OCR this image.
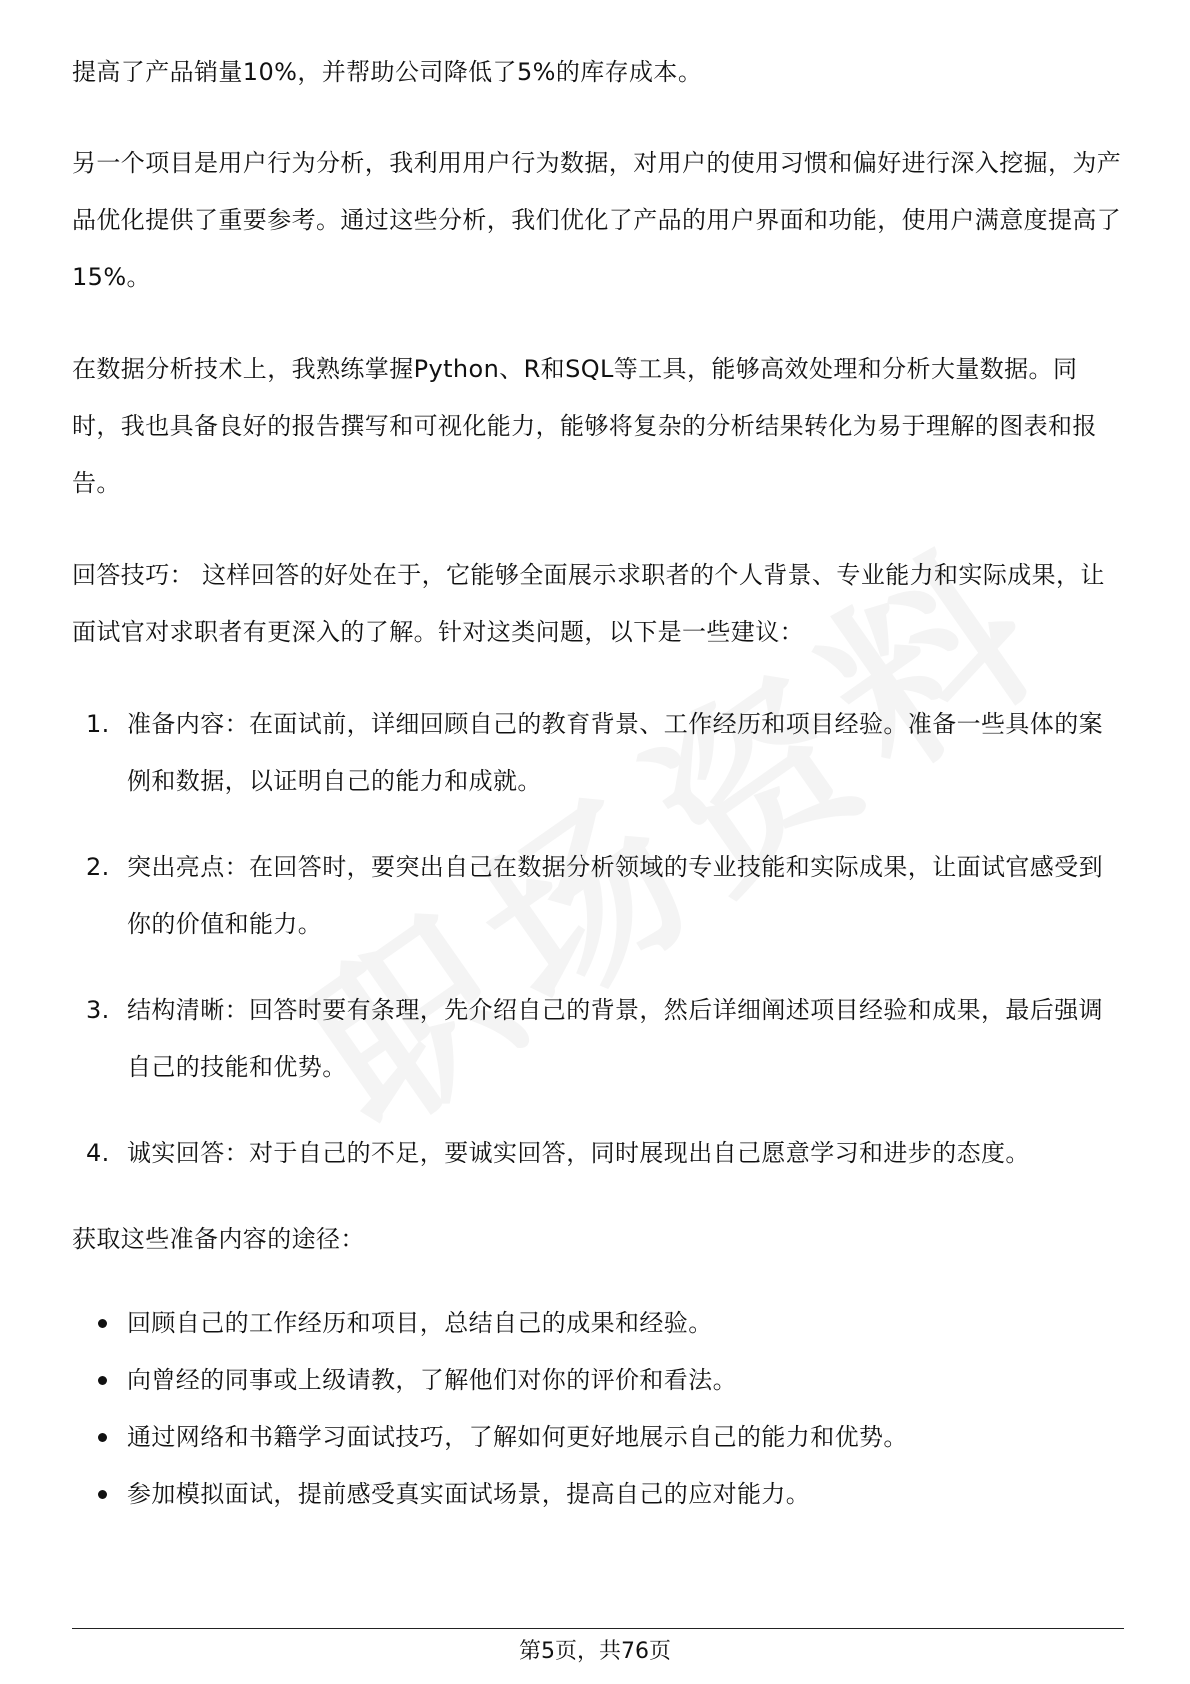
提高了产品销量10%，并帮助公司降低了5%的库存成本。

另一个项目是用户行为分析，我利用用户行为数据，对用户的使用习惯和偏好进行深入挖掘，为产品优化提供了重要参考。通过这些分析，我们优化了产品的用户界面和功能，使用户满意度提高了15%。

在数据分析技术上，我熟练掌握Python、R和SQL等工具，能够高效处理和分析大量数据。同时，我也具备良好的报告撰写和可视化能力，能够将复杂的分析结果转化为易于理解的图表和报告。

回答技巧： 这样回答的好处在于，它能够全面展示求职者的个人背景、专业能力和实际成果，让面试官对求职者有更深入的了解。针对这类问题，以下是一些建议：

1. 准备内容：在面试前，详细回顾自己的教育背景、工作经历和项目经验。准备一些具体的案例和数据，以证明自己的能力和成就。
2. 突出亮点：在回答时，要突出自己在数据分析领域的专业技能和实际成果，让面试官感受到你的价值和能力。
3. 结构清晰：回答时要有条理，先介绍自己的背景，然后详细阐述项目经验和成果，最后强调自己的技能和优势。
4. 诚实回答：对于自己的不足，要诚实回答，同时展现出自己愿意学习和进步的态度。

获取这些准备内容的途径：

回顾自己的工作经历和项目，总结自己的成果和经验。
向曾经的同事或上级请教，了解他们对你的评价和看法。
通过网络和书籍学习面试技巧，了解如何更好地展示自己的能力和优势。
参加模拟面试，提前感受真实面试场景，提高自己的应对能力。
第5页，共76页
